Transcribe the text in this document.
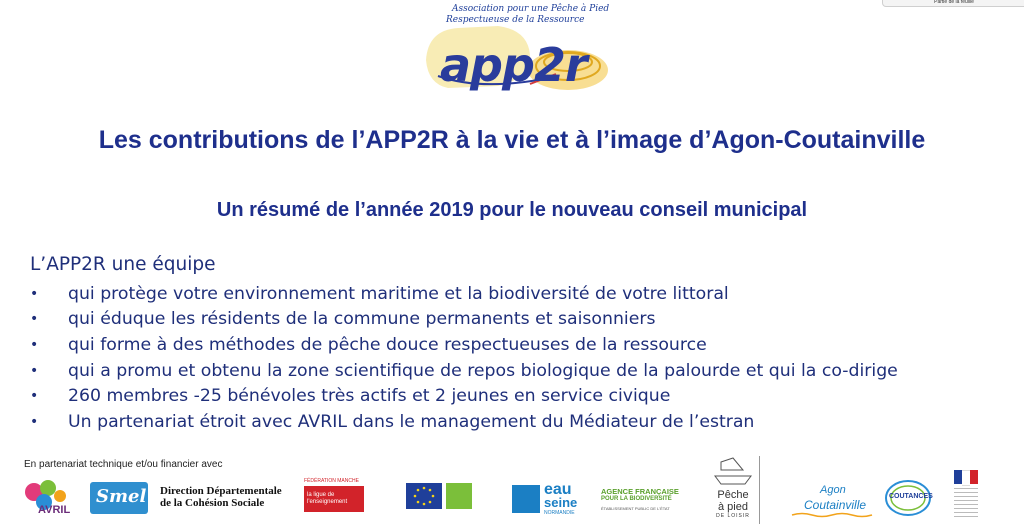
Partie de la feuille
Association pour une Pêche à Pied
Respectueuse de la Ressource
app2r
Les contributions de l’APP2R à la vie et à l’image d’Agon-Coutainville
Un résumé de l’année 2019 pour le nouveau conseil municipal
L’APP2R une équipe
•	qui protège votre environnement maritime et la biodiversité de votre littoral
•	qui éduque les résidents de la commune permanents et saisonniers
•	qui forme à des méthodes de pêche douce respectueuses de la ressource
•	qui a promu et obtenu la zone scientifique de repos biologique de la palourde et qui la co-dirige
•	260 membres -25 bénévoles très actifs et 2 jeunes en service civique
•	Un partenariat étroit avec AVRIL dans le management du Médiateur de l’estran
En partenariat technique et/ou financier avec
AVRIL
Smel Direction Départementale
de la Cohésion Sociale
FÉDÉRATION MANCHE
la ligue de l'enseignement
eau
seine
NORMANDIE
AGENCE FRANÇAISE
POUR LA BIODIVERSITÉ
ÉTABLISSEMENT PUBLIC DE L'ÉTAT
Pêche
à pied
DE LOISIR
Agon
Coutainville
COUTANCES
